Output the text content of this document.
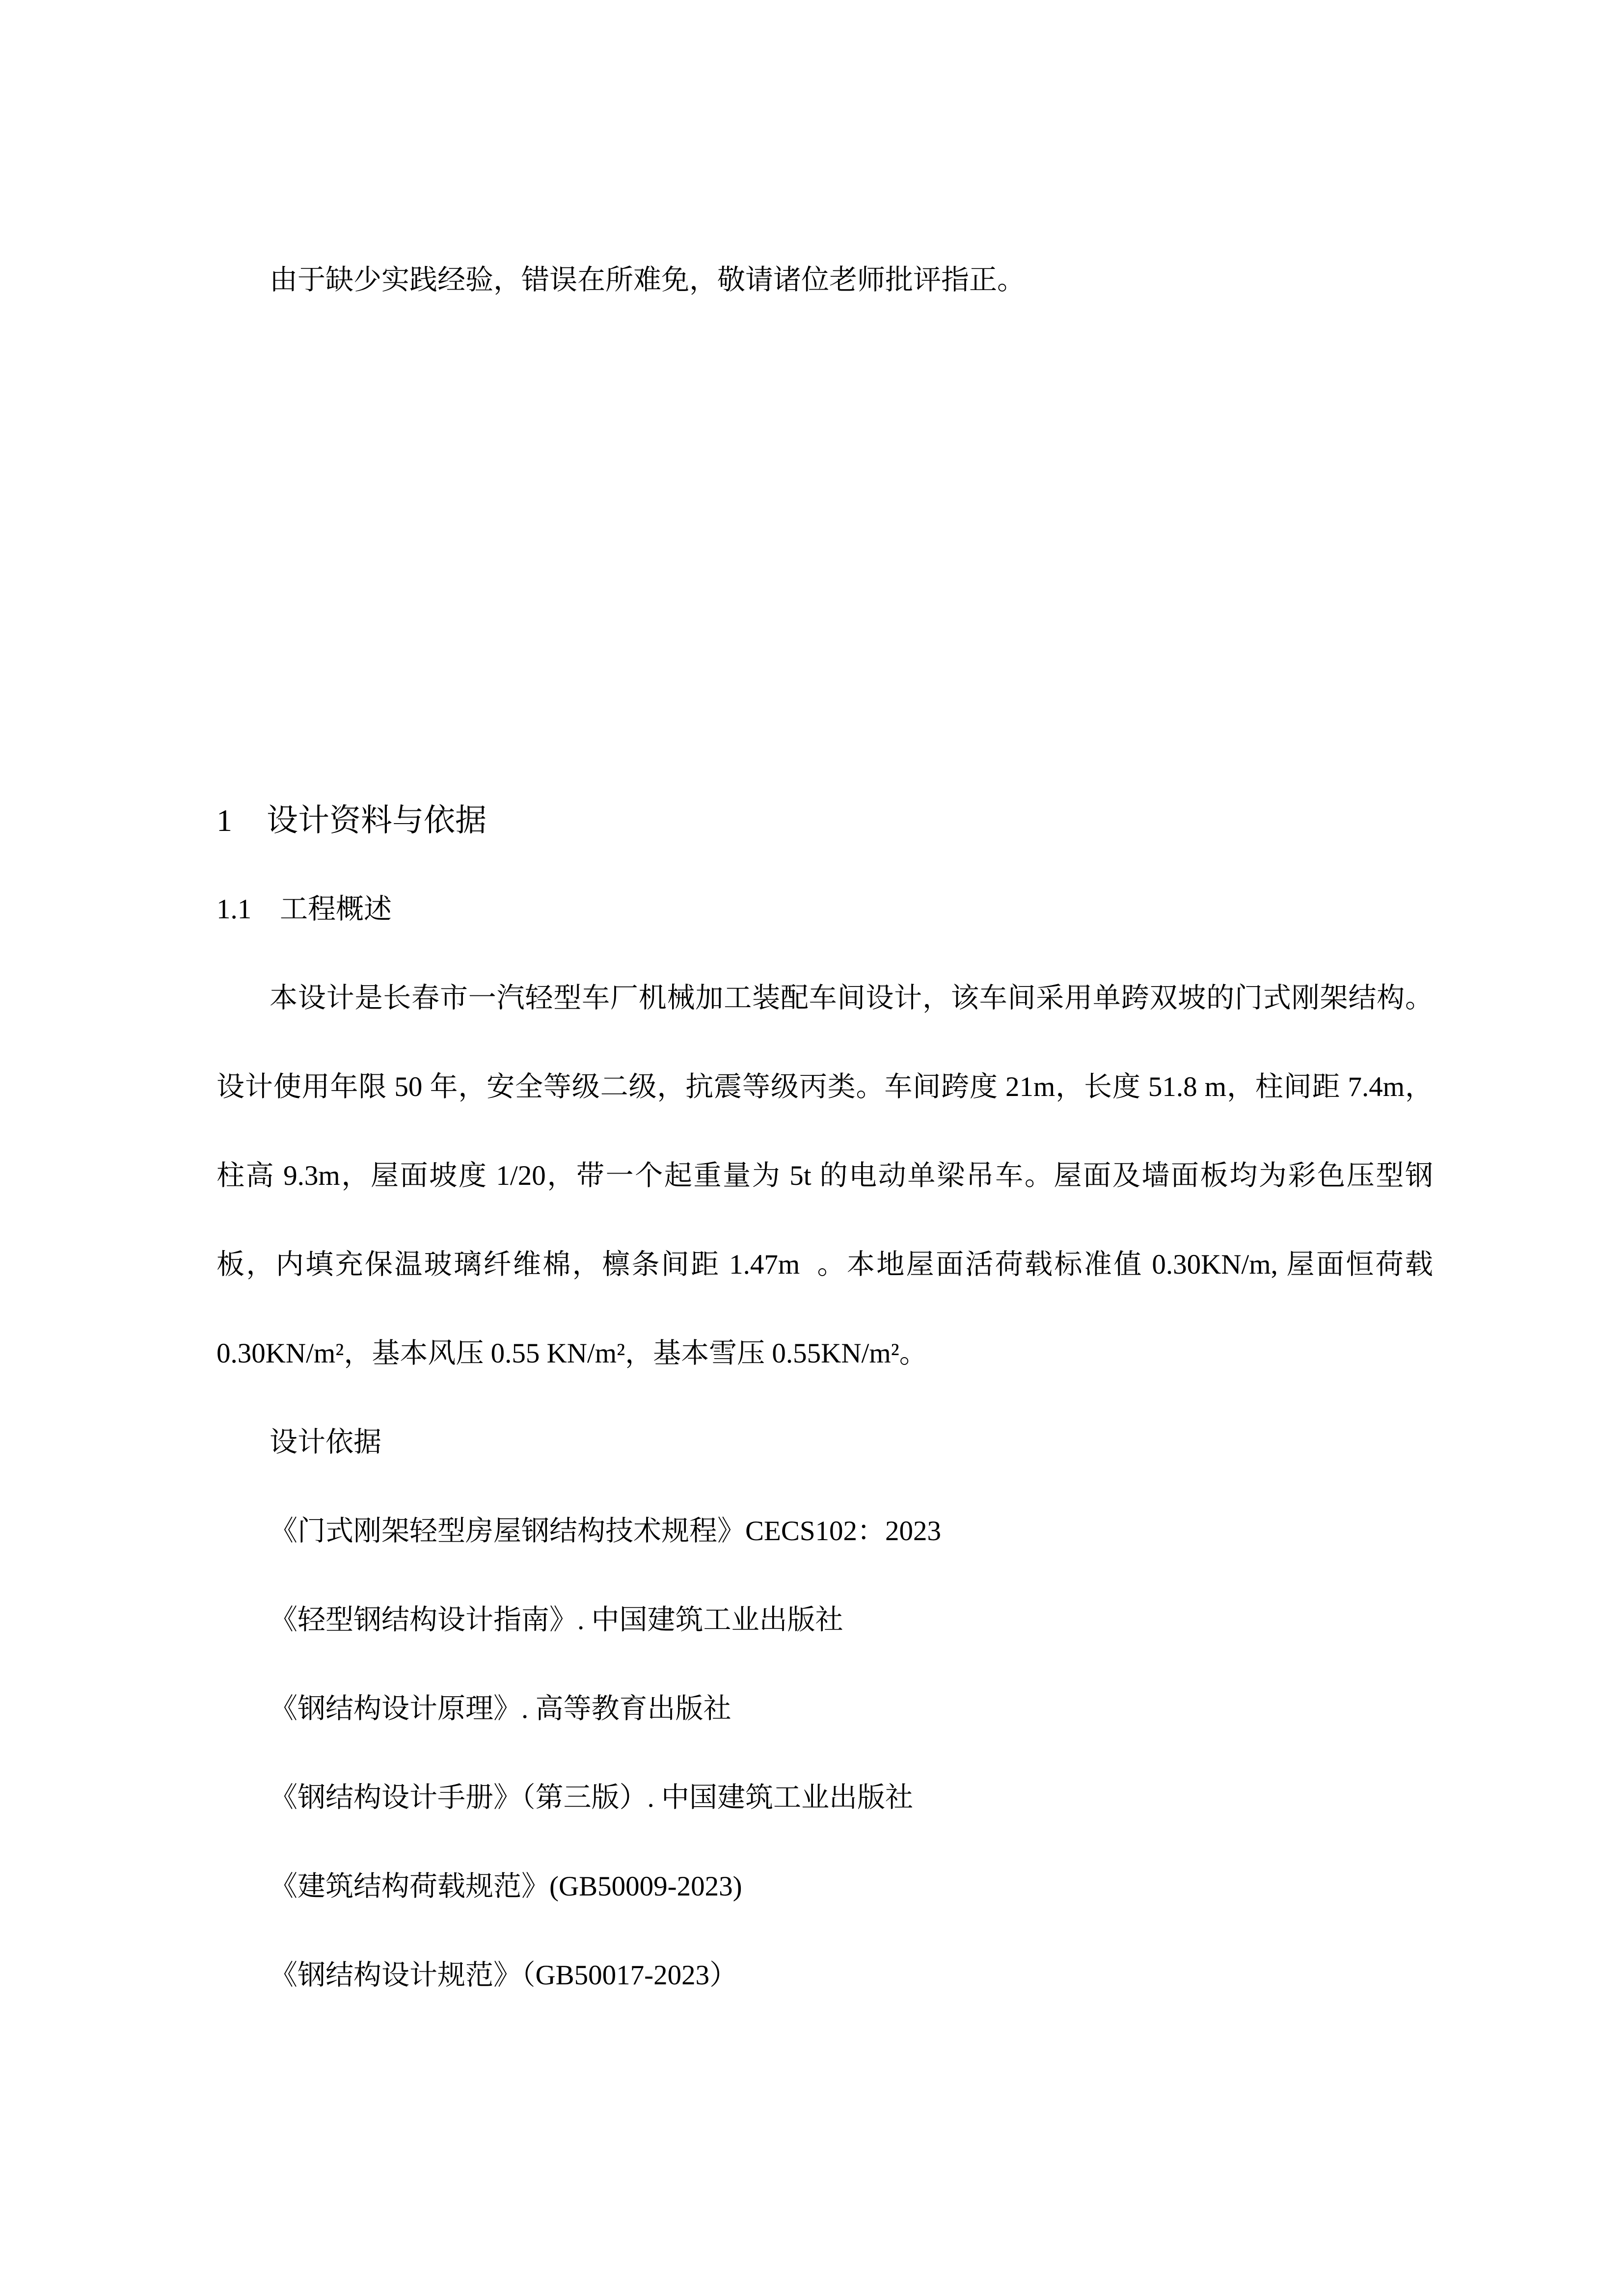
由于缺少实践经验，错误在所难免，敬请诸位老师批评指正。
1 设计资料与依据
1.1 工程概述
本设计是长春市一汽轻型车厂机械加工装配车间设计，该车间采用单跨双坡的门式刚架结构。
设计使用年限 50 年，安全等级二级，抗震等级丙类。车间跨度 21m，长度 51.8 m，柱间距 7.4m，
柱高 9.3m，屋面坡度 1/20，带一个起重量为 5t 的电动单梁吊车。屋面及墙面板均为彩色压型钢
板，内填充保温玻璃纤维棉，檩条间距 1.47m  。本地屋面活荷载标准值 0.30KN/m, 屋面恒荷载
0.30KN/m²，基本风压 0.55 KN/m²，基本雪压 0.55KN/m²。
设计依据
《门式刚架轻型房屋钢结构技术规程》CECS102：2023
《轻型钢结构设计指南》. 中国建筑工业出版社
《钢结构设计原理》. 高等教育出版社
《钢结构设计手册》（第三版）. 中国建筑工业出版社
《建筑结构荷载规范》(GB50009-2023)
《钢结构设计规范》（GB50017-2023）
